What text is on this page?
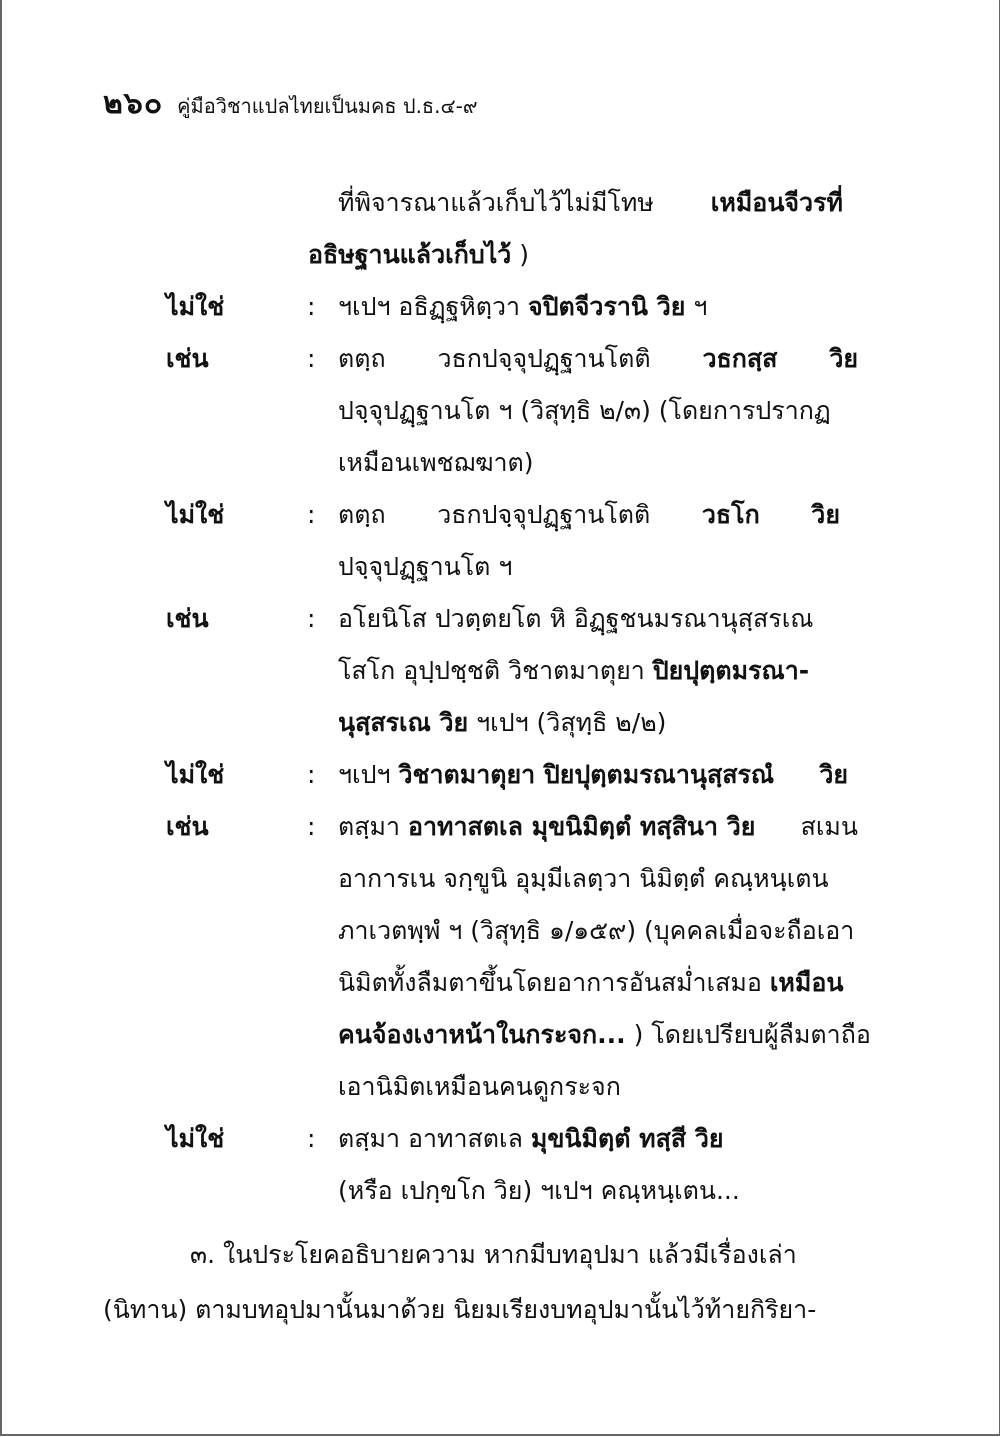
๒๖๐ คู่มือวิชาแปลไทยเป็นมคธ ป.ธ.๔-๙
ที่พิจารณาแล้วเก็บไว้ไม่มีโทษ เหมือนจีวรที่
อธิษฐานแล้วเก็บไว้ )
ไม่ใช่	: ฯเปฯ อธิฏฺฐหิตฺวา จปิตจีวรานิ วิย ฯ
เช่น	: ตตฺถ วธกปจฺจุปฏฺฐานโตติ วธกสฺส วิย
ปจฺจุปฏฺฐานโต ฯ (วิสุทฺธิ ๒/๓) (โดยการปรากฏ
เหมือนเพชฌฆาต)
ไม่ใช่	: ตตฺถ วธกปจฺจุปฏฺฐานโตติ วธโก วิย
ปจฺจุปฏฺฐานโต ฯ
เช่น	: อโยนิโส ปวตฺตยโต หิ อิฏฺฐชนมรณานุสฺสรเณ
โสโก อุปฺปชฺชติ วิชาตมาตุยา ปิยปุตฺตมรณา-
นุสฺสรเณ วิย ฯเปฯ (วิสุทฺธิ ๒/๒)
ไม่ใช่	: ฯเปฯ วิชาตมาตุยา ปิยปุตฺตมรณานุสฺสรณํ วิย
เช่น	: ตสฺมา อาทาสตเล มุขนิมิตฺตํ ทสฺสินา วิย สเมน
อาการเน จกฺขูนิ อุมฺมีเลตฺวา นิมิตฺตํ คณฺหนฺเตน
ภาเวตพฺพํ ฯ (วิสุทฺธิ ๑/๑๕๙) (บุคคลเมื่อจะถือเอา
นิมิตทั้งลืมตาขึ้นโดยอาการอันสม่ำเสมอ เหมือน
คนจ้องเงาหน้าในกระจก... ) โดยเปรียบผู้ลืมตาถือ
เอานิมิตเหมือนคนดูกระจก
ไม่ใช่	: ตสฺมา อาทาสตเล มุขนิมิตฺตํ ทสฺสี วิย
(หรือ เปกฺขโก วิย) ฯเปฯ คณฺหนฺเตน...
๓. ในประโยคอธิบายความ หากมีบทอุปมา แล้วมีเรื่องเล่า
(นิทาน) ตามบทอุปมานั้นมาด้วย นิยมเรียงบทอุปมานั้นไว้ท้ายกิริยา-
